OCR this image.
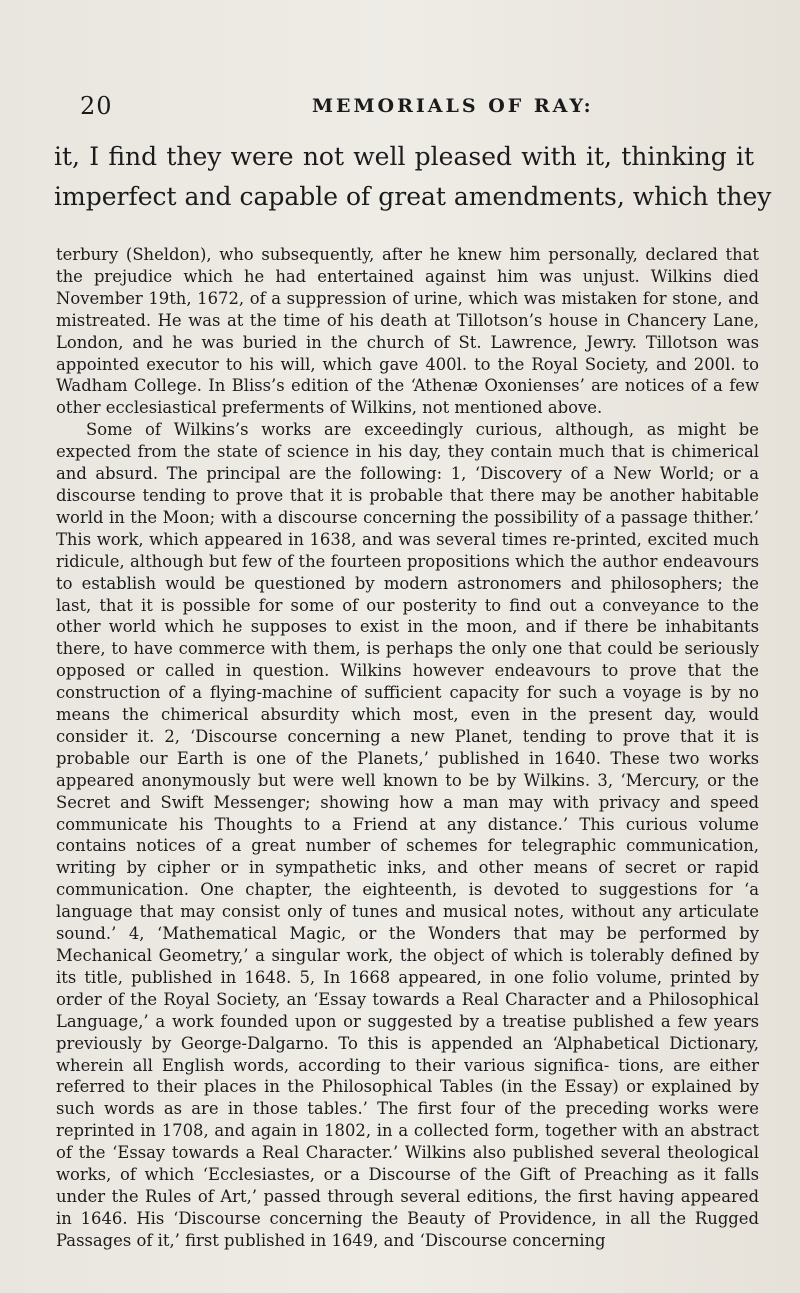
20	MEMORIALS OF RAY:
it, I find they were not well pleased with it, thinking it
imperfect and capable of great amendments, which they

terbury (Sheldon), who subsequently, after he knew him personally, declared that the prejudice which he had entertained against him was unjust. Wilkins died November 19th, 1672, of a suppression of urine, which was mistaken for stone, and mistreated. He was at the time of his death at Tillotson’s house in Chancery Lane, London, and he was buried in the church of St. Lawrence, Jewry. Tillotson was appointed executor to his will, which gave 400l. to the Royal Society, and 200l. to Wadham College. In Bliss’s edition of the ‘Athenæ Oxonienses’ are notices of a few other ecclesiastical preferments of Wilkins, not mentioned above.

Some of Wilkins’s works are exceedingly curious, although, as might be expected from the state of science in his day, they contain much that is chimerical and absurd. The principal are the following: 1, ‘Discovery of a New World; or a discourse tending to prove that it is probable that there may be another habitable world in the Moon; with a discourse concerning the possibility of a passage thither.’ This work, which appeared in 1638, and was several times re-printed, excited much ridicule, although but few of the fourteen propositions which the author endeavours to establish would be questioned by modern astronomers and philosophers; the last, that it is possible for some of our posterity to find out a conveyance to the other world which he supposes to exist in the moon, and if there be inhabitants there, to have commerce with them, is perhaps the only one that could be seriously opposed or called in question. Wilkins however endeavours to prove that the construction of a flying-machine of sufficient capacity for such a voyage is by no means the chimerical absurdity which most, even in the present day, would consider it. 2, ‘Discourse concerning a new Planet, tending to prove that it is probable our Earth is one of the Planets,’ published in 1640. These two works appeared anonymously but were well known to be by Wilkins. 3, ‘Mercury, or the Secret and Swift Messenger; showing how a man may with privacy and speed communicate his Thoughts to a Friend at any distance.’ This curious volume contains notices of a great number of schemes for telegraphic communication, writing by cipher or in sympathetic inks, and other means of secret or rapid communication. One chapter, the eighteenth, is devoted to suggestions for ‘a language that may consist only of tunes and musical notes, without any articulate sound.’ 4, ‘Mathematical Magic, or the Wonders that may be performed by Mechanical Geometry,’ a singular work, the object of which is tolerably defined by its title, published in 1648. 5, In 1668 appeared, in one folio volume, printed by order of the Royal Society, an ‘Essay towards a Real Character and a Philosophical Language,’ a work founded upon or suggested by a treatise published a few years previously by George-Dalgarno. To this is appended an ‘Alphabetical Dictionary, wherein all English words, according to their various significa- tions, are either referred to their places in the Philosophical Tables (in the Essay) or explained by such words as are in those tables.’ The first four of the preceding works were reprinted in 1708, and again in 1802, in a collected form, together with an abstract of the ‘Essay towards a Real Character.’ Wilkins also published several theological works, of which ‘Ecclesiastes, or a Discourse of the Gift of Preaching as it falls under the Rules of Art,’ passed through several editions, the first having appeared in 1646. His ‘Discourse concerning the Beauty of Providence, in all the Rugged Passages of it,’ first published in 1649, and ‘Discourse concerning
